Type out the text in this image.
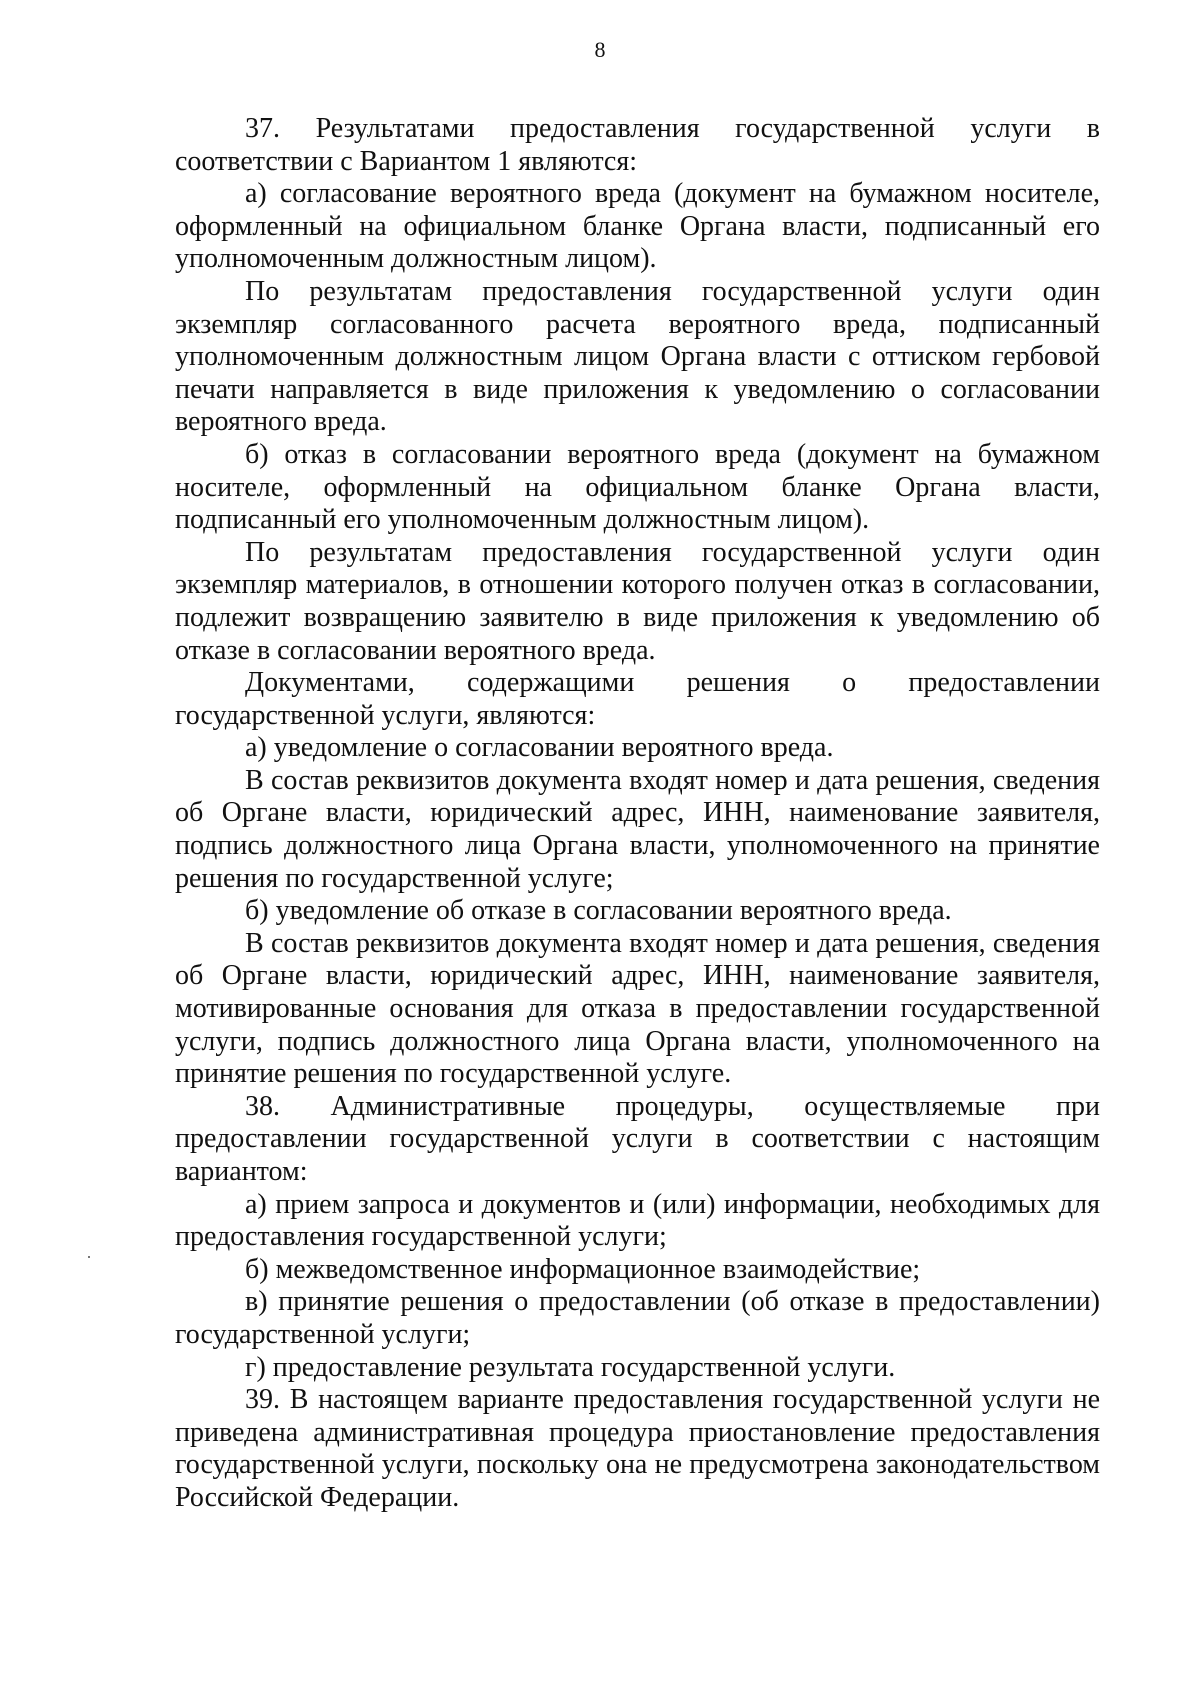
8

37. Результатами предоставления государственной услуги в соответствии с Вариантом 1 являются:

а) согласование вероятного вреда (документ на бумажном носителе, оформленный на официальном бланке Органа власти, подписанный его уполномоченным должностным лицом).

По результатам предоставления государственной услуги один экземпляр согласованного расчета вероятного вреда, подписанный уполномоченным должностным лицом Органа власти с оттиском гербовой печати направляется в виде приложения к уведомлению о согласовании вероятного вреда.

б) отказ в согласовании вероятного вреда (документ на бумажном носителе, оформленный на официальном бланке Органа власти, подписанный его уполномоченным должностным лицом).

По результатам предоставления государственной услуги один экземпляр материалов, в отношении которого получен отказ в согласовании, подлежит возвращению заявителю в виде приложения к уведомлению об отказе в согласовании вероятного вреда.

Документами, содержащими решения о предоставлении государственной услуги, являются:

а) уведомление о согласовании вероятного вреда.

В состав реквизитов документа входят номер и дата решения, сведения об Органе власти, юридический адрес, ИНН, наименование заявителя, подпись должностного лица Органа власти, уполномоченного на принятие решения по государственной услуге;

б) уведомление об отказе в согласовании вероятного вреда.

В состав реквизитов документа входят номер и дата решения, сведения об Органе власти, юридический адрес, ИНН, наименование заявителя, мотивированные основания для отказа в предоставлении государственной услуги, подпись должностного лица Органа власти, уполномоченного на принятие решения по государственной услуге.

38. Административные процедуры, осуществляемые при предоставлении государственной услуги в соответствии с настоящим вариантом:

а) прием запроса и документов и (или) информации, необходимых для предоставления государственной услуги;

б) межведомственное информационное взаимодействие;

в) принятие решения о предоставлении (об отказе в предоставлении) государственной услуги;

г) предоставление результата государственной услуги.

39. В настоящем варианте предоставления государственной услуги не приведена административная процедура приостановление предоставления государственной услуги, поскольку она не предусмотрена законодательством Российской Федерации.
